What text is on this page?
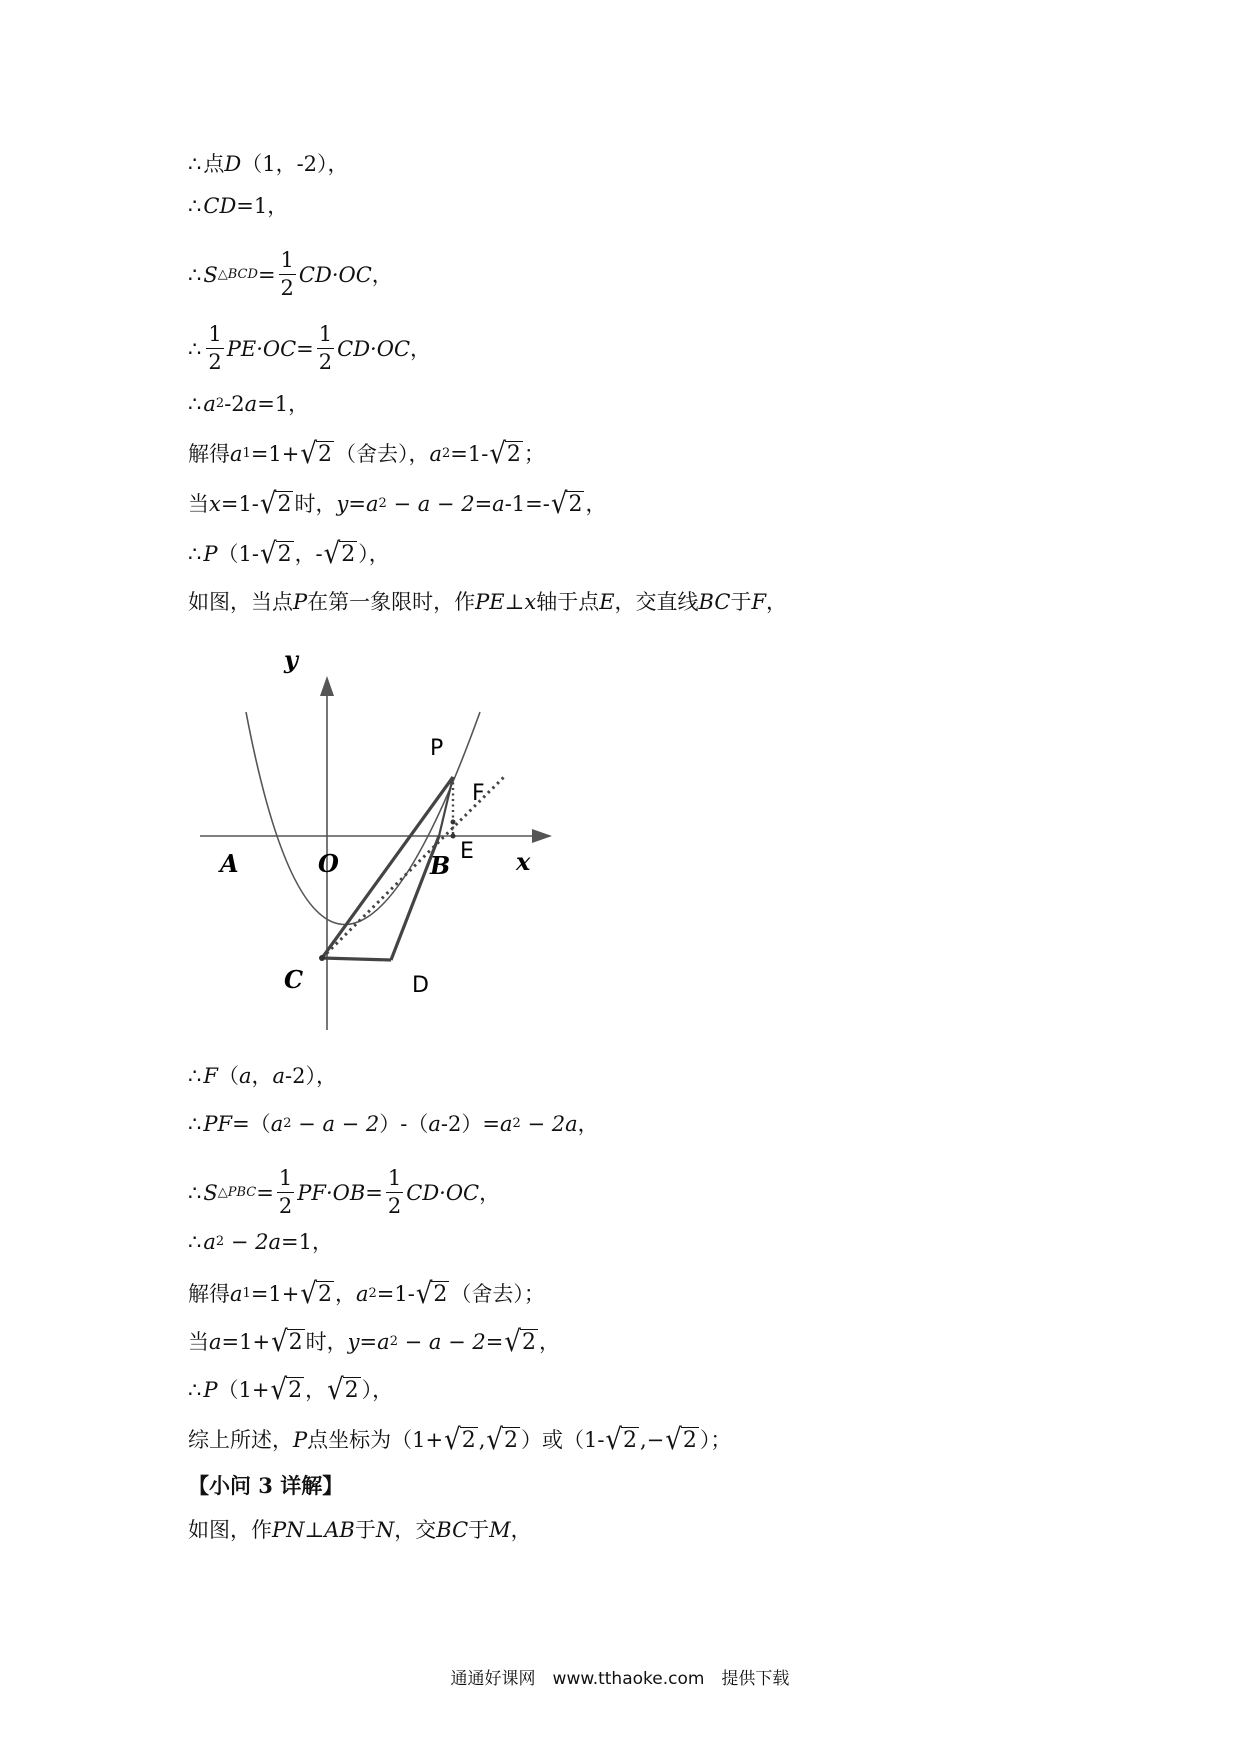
∴ 点 D （1，-2），
∴ CD =1，
∴ S △BCD = $\frac{1}{2} CD\cdot OC$ ，
∴ $\frac{1}{2} PE\cdot OC = \frac{1}{2} CD\cdot OC$ ，
∴ a 2 -2 a =1，
解得 a 1 =1+ √ 2 （舍去）， a 2 =1- √ 2 ；
当 x =1- √ 2 时， y = a 2 − a − 2 = a -1=- √ 2 ，
∴ P （1- √ 2 ，- √ 2 ），
如图，当点 P 在第一象限时，作 PE ⊥ x 轴于点 E ，交直线 BC 于 F ，
y
x
A	O	B
C	D
P
F
E
∴ F （ a ， a -2），
∴ PF =（ a 2 − a − 2 ）-（ a -2）= a 2 − 2a ，
∴ S △PBC = $\frac{1}{2} PF\cdot OB = \frac{1}{2} CD\cdot OC$ ，
∴ a 2 − 2a =1，
解得 a 1 =1+ √ 2 ， a 2 =1- √ 2 （舍去）；
当 a =1+ √ 2 时， y = a 2 − a − 2 = √ 2 ，
∴ P （1+ √ 2 ， √ 2 ），
综上所述， P 点坐标为（1+ √ 2 , √ 2 ）或（1- √ 2 ,− √ 2 ）；
【小问 3 详解】
如图，作 PN ⊥ AB 于 N ，交 BC 于 M ，
通通好课网　www.tthaoke.com　提供下载
